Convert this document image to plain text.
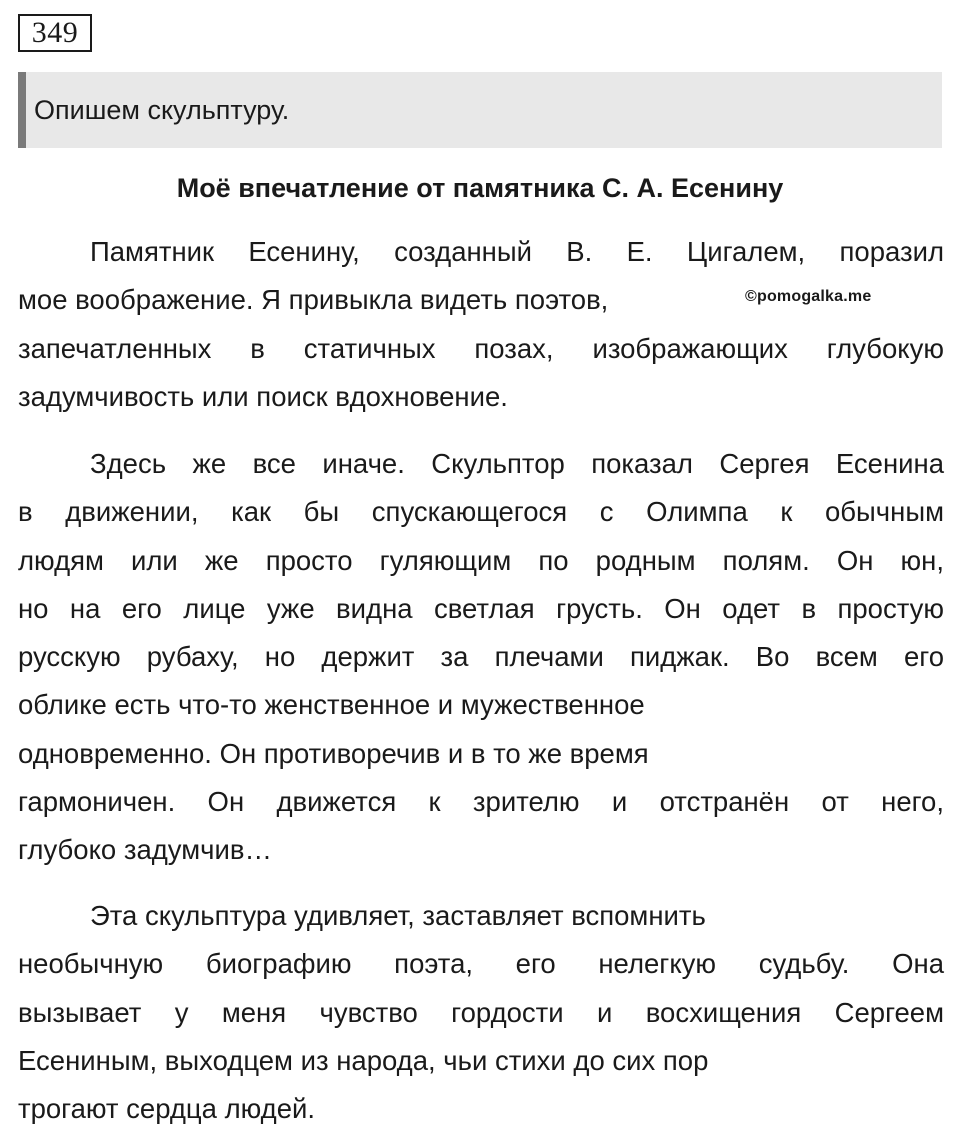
349
Опишем скульптуру.
Моё впечатление от памятника С. А. Есенину
Памятник Есенину, созданный В. Е. Цигалем, поразил
мое воображение. Я привыкла видеть поэтов,
запечатленных в статичных позах, изображающих глубокую
задумчивость или поиск вдохновение.
©pomogalka.me
Здесь же все иначе. Скульптор показал Сергея Есенина
в движении, как бы спускающегося с Олимпа к обычным
людям или же просто гуляющим по родным полям. Он юн,
но на его лице уже видна светлая грусть. Он одет в простую
русскую рубаху, но держит за плечами пиджак. Во всем его
облике есть что-то женственное и мужественное
одновременно. Он противоречив и в то же время
гармоничен. Он движется к зрителю и отстранён от него,
глубоко задумчив…
Эта скульптура удивляет, заставляет вспомнить
необычную биографию поэта, его нелегкую судьбу. Она
вызывает у меня чувство гордости и восхищения Сергеем
Есениным, выходцем из народа, чьи стихи до сих пор
трогают сердца людей.
